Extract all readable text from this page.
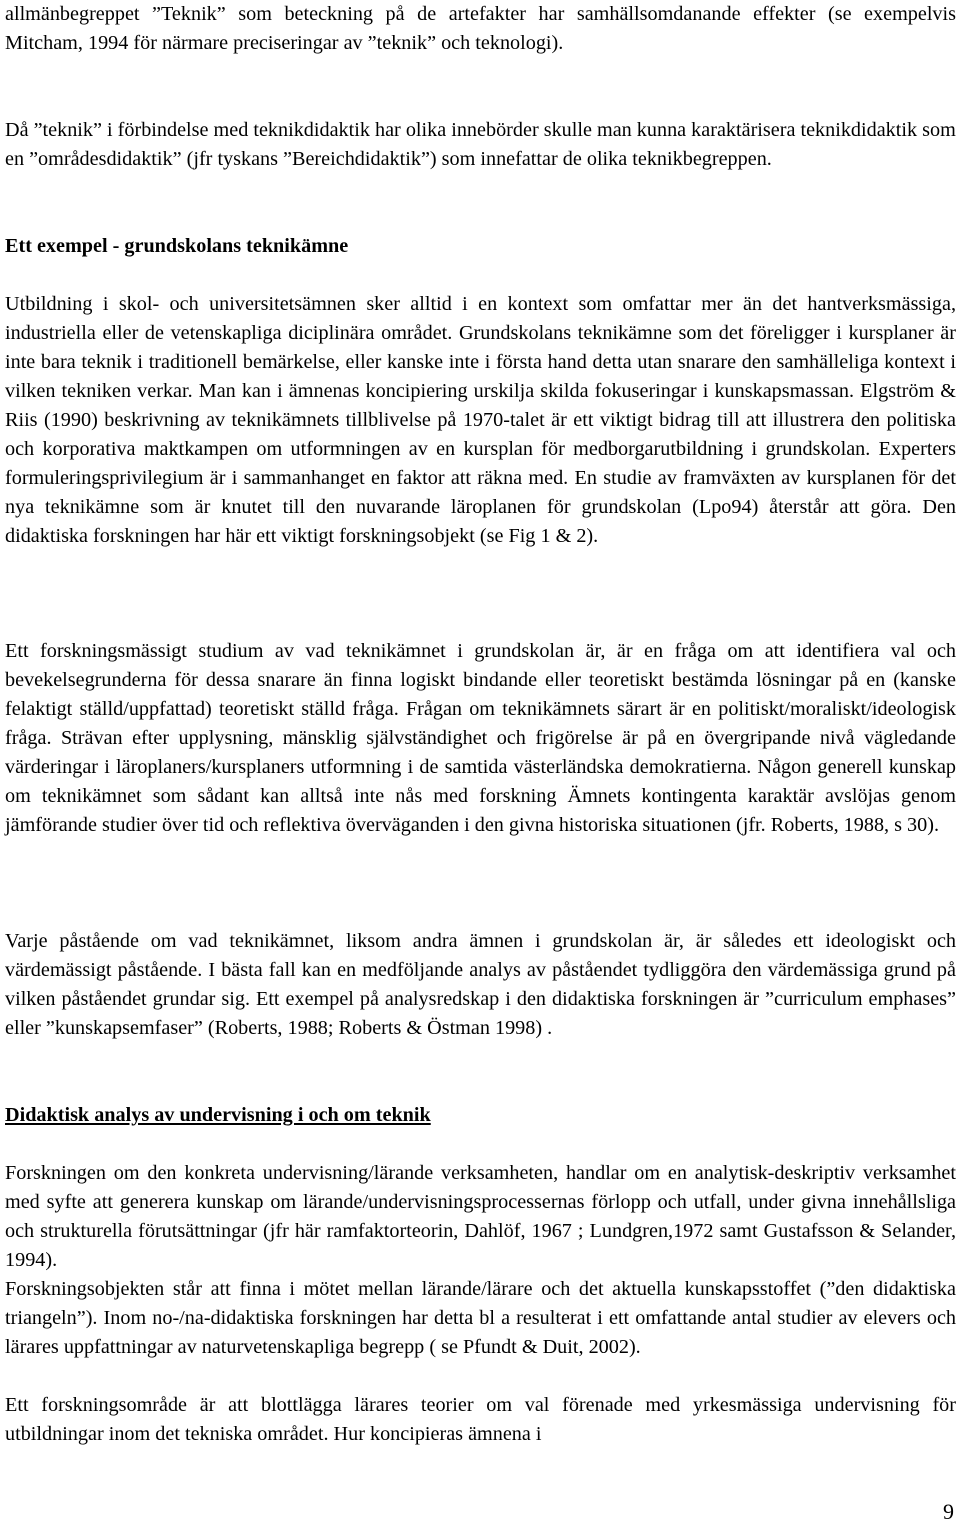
allmänbegreppet ”Teknik” som beteckning på de artefakter har samhällsomdanande effekter (se exempelvis Mitcham, 1994 för närmare preciseringar av ”teknik” och teknologi).

Då ”teknik” i förbindelse med teknikdidaktik har olika innebörder skulle man kunna karaktärisera teknikdidaktik som en ”områdesdidaktik” (jfr tyskans ”Bereichdidaktik”) som innefattar de olika teknikbegreppen.

Ett exempel - grundskolans teknikämne

Utbildning i skol- och universitetsämnen sker alltid i en kontext som omfattar mer än det hantverksmässiga, industriella eller de vetenskapliga diciplinära området. Grundskolans teknikämne som det föreligger i kursplaner är inte bara teknik i traditionell bemärkelse, eller kanske inte i första hand detta utan snarare den samhälleliga kontext i vilken tekniken verkar. Man kan i ämnenas koncipiering urskilja skilda fokuseringar i kunskapsmassan. Elgström & Riis (1990) beskrivning av teknikämnets tillblivelse på 1970-talet är ett viktigt bidrag till att illustrera den politiska och korporativa maktkampen om utformningen av en kursplan för medborgarutbildning i grundskolan. Experters formuleringsprivilegium är i sammanhanget en faktor att räkna med. En studie av framväxten av kursplanen för det nya teknikämne som är knutet till den nuvarande läroplanen för grundskolan (Lpo94) återstår att göra. Den didaktiska forskningen har här ett viktigt forskningsobjekt (se Fig 1 & 2).

Ett forskningsmässigt studium av vad teknikämnet i grundskolan är, är en fråga om att identifiera val och bevekelsegrunderna för dessa snarare än finna logiskt bindande eller teoretiskt bestämda lösningar på en (kanske felaktigt ställd/uppfattad) teoretiskt ställd fråga. Frågan om teknikämnets särart är en politiskt/moraliskt/ideologisk fråga. Strävan efter upplysning, mänsklig självständighet och frigörelse är på en övergripande nivå vägledande värderingar i läroplaners/kursplaners utformning i de samtida västerländska demokratierna. Någon generell kunskap om teknikämnet som sådant kan alltså inte nås med forskning Ämnets kontingenta karaktär avslöjas genom jämförande studier över tid och reflektiva överväganden i den givna historiska situationen (jfr. Roberts, 1988, s 30).

Varje påstående om vad teknikämnet, liksom andra ämnen i grundskolan är, är således ett ideologiskt och värdemässigt påstående. I bästa fall kan en medföljande analys av påståendet tydliggöra den värdemässiga grund på vilken påståendet grundar sig. Ett exempel på analysredskap i den didaktiska forskningen är ”curriculum emphases” eller ”kunskapsemfaser” (Roberts, 1988; Roberts & Östman 1998) .

Didaktisk analys av undervisning i och om teknik

Forskningen om den konkreta undervisning/lärande verksamheten, handlar om en analytisk-deskriptiv verksamhet med syfte att generera kunskap om lärande/undervisningsprocessernas förlopp och utfall, under givna innehållsliga och strukturella förutsättningar (jfr här ramfaktorteorin, Dahlöf, 1967 ; Lundgren,1972 samt Gustafsson & Selander, 1994).

Forskningsobjekten står att finna i mötet mellan lärande/lärare och det aktuella kunskapsstoffet (”den didaktiska triangeln”). Inom no-/na-didaktiska forskningen har detta bl a resulterat i ett omfattande antal studier av elevers och lärares uppfattningar av naturvetenskapliga begrepp ( se Pfundt & Duit, 2002).

Ett forskningsområde är att blottlägga lärares teorier om val förenade med yrkesmässiga undervisning för utbildningar inom det tekniska området. Hur koncipieras ämnena i

9
